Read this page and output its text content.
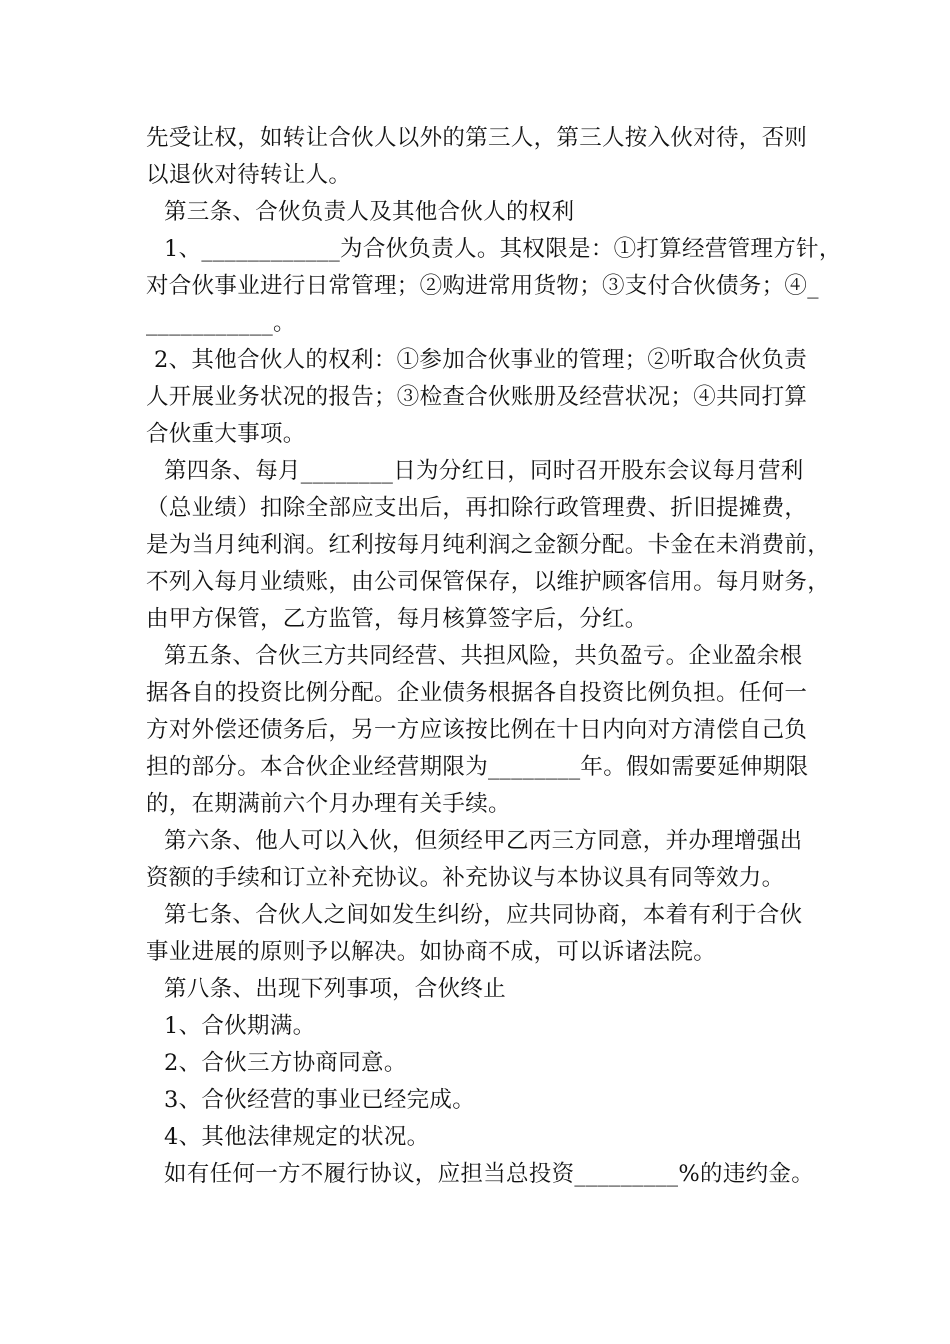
先受让权，如转让合伙人以外的第三人，第三人按入伙对待，否则
以退伙对待转让人。
第三条、合伙负责人及其他合伙人的权利
1、____________为合伙负责人。其权限是：①打算经营管理方针，
对合伙事业进行日常管理；②购进常用货物；③支付合伙债务；④_
___________。
2、其他合伙人的权利：①参加合伙事业的管理；②听取合伙负责
人开展业务状况的报告；③检查合伙账册及经营状况；④共同打算
合伙重大事项。
第四条、每月________日为分红日，同时召开股东会议每月营利
（总业绩）扣除全部应支出后，再扣除行政管理费、折旧提摊费，
是为当月纯利润。红利按每月纯利润之金额分配。卡金在未消费前，
不列入每月业绩账，由公司保管保存，以维护顾客信用。每月财务，
由甲方保管，乙方监管，每月核算签字后，分红。
第五条、合伙三方共同经营、共担风险，共负盈亏。企业盈余根
据各自的投资比例分配。企业债务根据各自投资比例负担。任何一
方对外偿还债务后，另一方应该按比例在十日内向对方清偿自己负
担的部分。本合伙企业经营期限为________年。假如需要延伸期限
的，在期满前六个月办理有关手续。
第六条、他人可以入伙，但须经甲乙丙三方同意，并办理增强出
资额的手续和订立补充协议。补充协议与本协议具有同等效力。
第七条、合伙人之间如发生纠纷，应共同协商，本着有利于合伙
事业进展的原则予以解决。如协商不成，可以诉诸法院。
第八条、出现下列事项，合伙终止
1、合伙期满。
2、合伙三方协商同意。
3、合伙经营的事业已经完成。
4、其他法律规定的状况。
如有任何一方不履行协议，应担当总投资_________%的违约金。
